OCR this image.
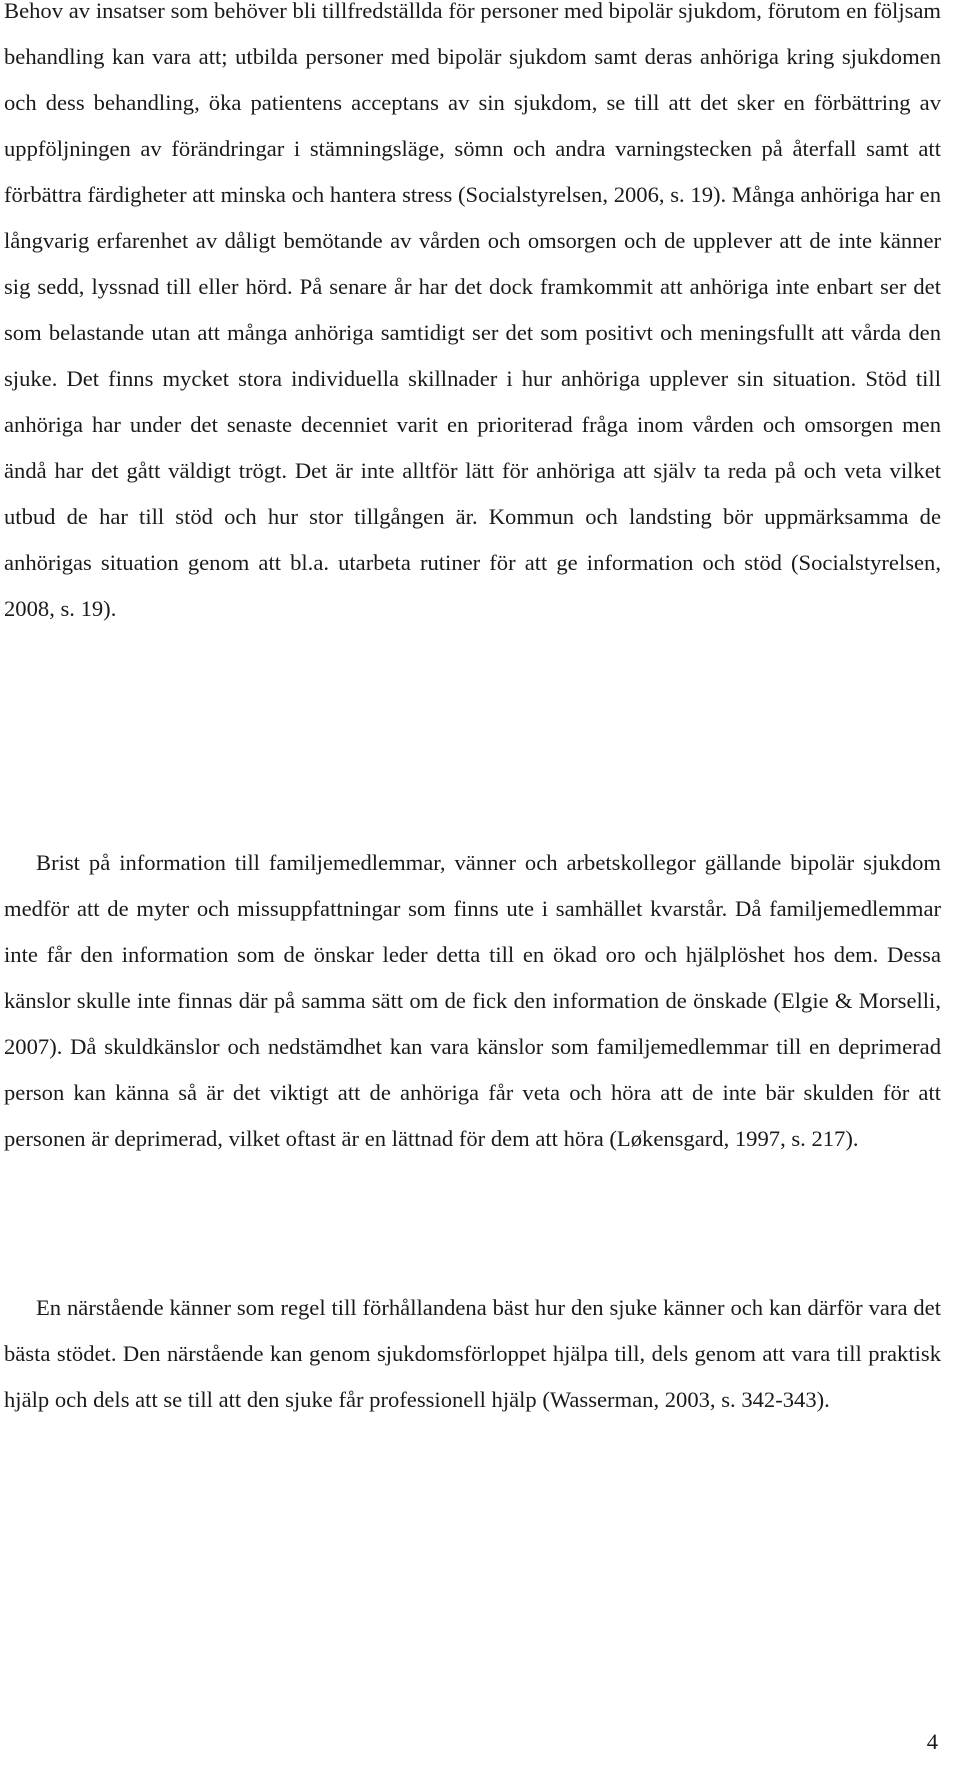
Behov av insatser som behöver bli tillfredställda för personer med bipolär sjukdom, förutom en följsam behandling kan vara att; utbilda personer med bipolär sjukdom samt deras anhöriga kring sjukdomen och dess behandling, öka patientens acceptans av sin sjukdom, se till att det sker en förbättring av uppföljningen av förändringar i stämningsläge, sömn och andra varningstecken på återfall samt att förbättra färdigheter att minska och hantera stress (Socialstyrelsen, 2006, s. 19). Många anhöriga har en långvarig erfarenhet av dåligt bemötande av vården och omsorgen och de upplever att de inte känner sig sedd, lyssnad till eller hörd. På senare år har det dock framkommit att anhöriga inte enbart ser det som belastande utan att många anhöriga samtidigt ser det som positivt och meningsfullt att vårda den sjuke. Det finns mycket stora individuella skillnader i hur anhöriga upplever sin situation. Stöd till anhöriga har under det senaste decenniet varit en prioriterad fråga inom vården och omsorgen men ändå har det gått väldigt trögt. Det är inte alltför lätt för anhöriga att själv ta reda på och veta vilket utbud de har till stöd och hur stor tillgången är. Kommun och landsting bör uppmärksamma de anhörigas situation genom att bl.a. utarbeta rutiner för att ge information och stöd (Socialstyrelsen, 2008, s. 19).

Brist på information till familjemedlemmar, vänner och arbetskollegor gällande bipolär sjukdom medför att de myter och missuppfattningar som finns ute i samhället kvarstår. Då familjemedlemmar inte får den information som de önskar leder detta till en ökad oro och hjälplöshet hos dem. Dessa känslor skulle inte finnas där på samma sätt om de fick den information de önskade (Elgie & Morselli, 2007). Då skuldkänslor och nedstämdhet kan vara känslor som familjemedlemmar till en deprimerad person kan känna så är det viktigt att de anhöriga får veta och höra att de inte bär skulden för att personen är deprimerad, vilket oftast är en lättnad för dem att höra (Løkensgard, 1997, s. 217).

En närstående känner som regel till förhållandena bäst hur den sjuke känner och kan därför vara det bästa stödet. Den närstående kan genom sjukdomsförloppet hjälpa till, dels genom att vara till praktisk hjälp och dels att se till att den sjuke får professionell hjälp (Wasserman, 2003, s. 342-343).

4
